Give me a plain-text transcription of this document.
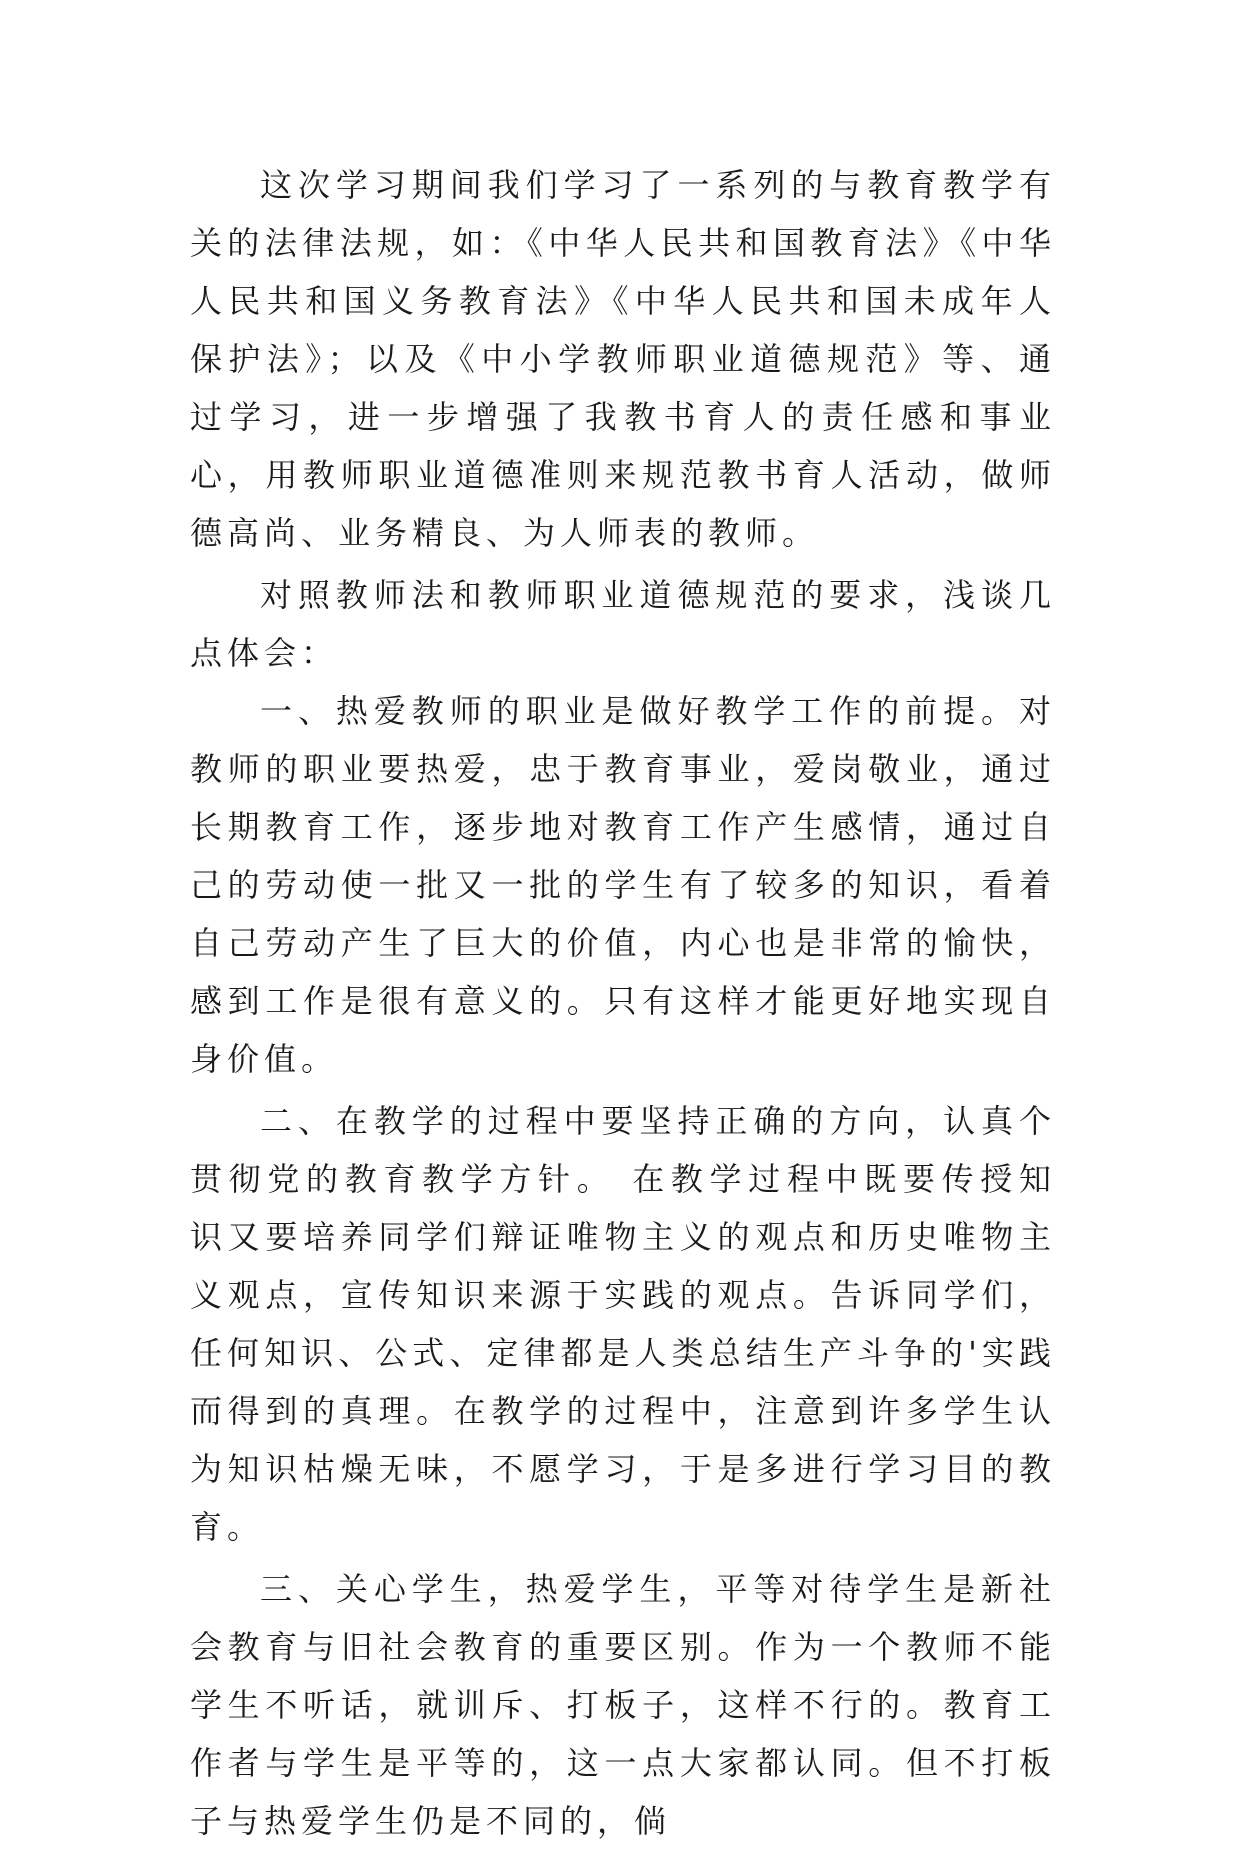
这次学习期间我们学习了一系列的与教育教学有关的法律法规，如：《中华人民共和国教育法》《中华人民共和国义务教育法》《中华人民共和国未成年人保护法》；以及《中小学教师职业道德规范》等、通过学习，进一步增强了我教书育人的责任感和事业心，用教师职业道德准则来规范教书育人活动，做师德高尚、业务精良、为人师表的教师。

对照教师法和教师职业道德规范的要求，浅谈几点体会：

一、热爱教师的职业是做好教学工作的前提。对教师的职业要热爱，忠于教育事业，爱岗敬业，通过长期教育工作，逐步地对教育工作产生感情，通过自己的劳动使一批又一批的学生有了较多的知识，看着自己劳动产生了巨大的价值，内心也是非常的愉快，感到工作是很有意义的。只有这样才能更好地实现自身价值。

二、在教学的过程中要坚持正确的方向，认真个贯彻党的教育教学方针。 在教学过程中既要传授知识又要培养同学们辩证唯物主义的观点和历史唯物主义观点，宣传知识来源于实践的观点。告诉同学们，任何知识、公式、定律都是人类总结生产斗争的'实践而得到的真理。在教学的过程中，注意到许多学生认为知识枯燥无味，不愿学习，于是多进行学习目的教育。

三、关心学生，热爱学生，平等对待学生是新社会教育与旧社会教育的重要区别。作为一个教师不能学生不听话，就训斥、打板子，这样不行的。教育工作者与学生是平等的，这一点大家都认同。但不打板子与热爱学生仍是不同的，倘
